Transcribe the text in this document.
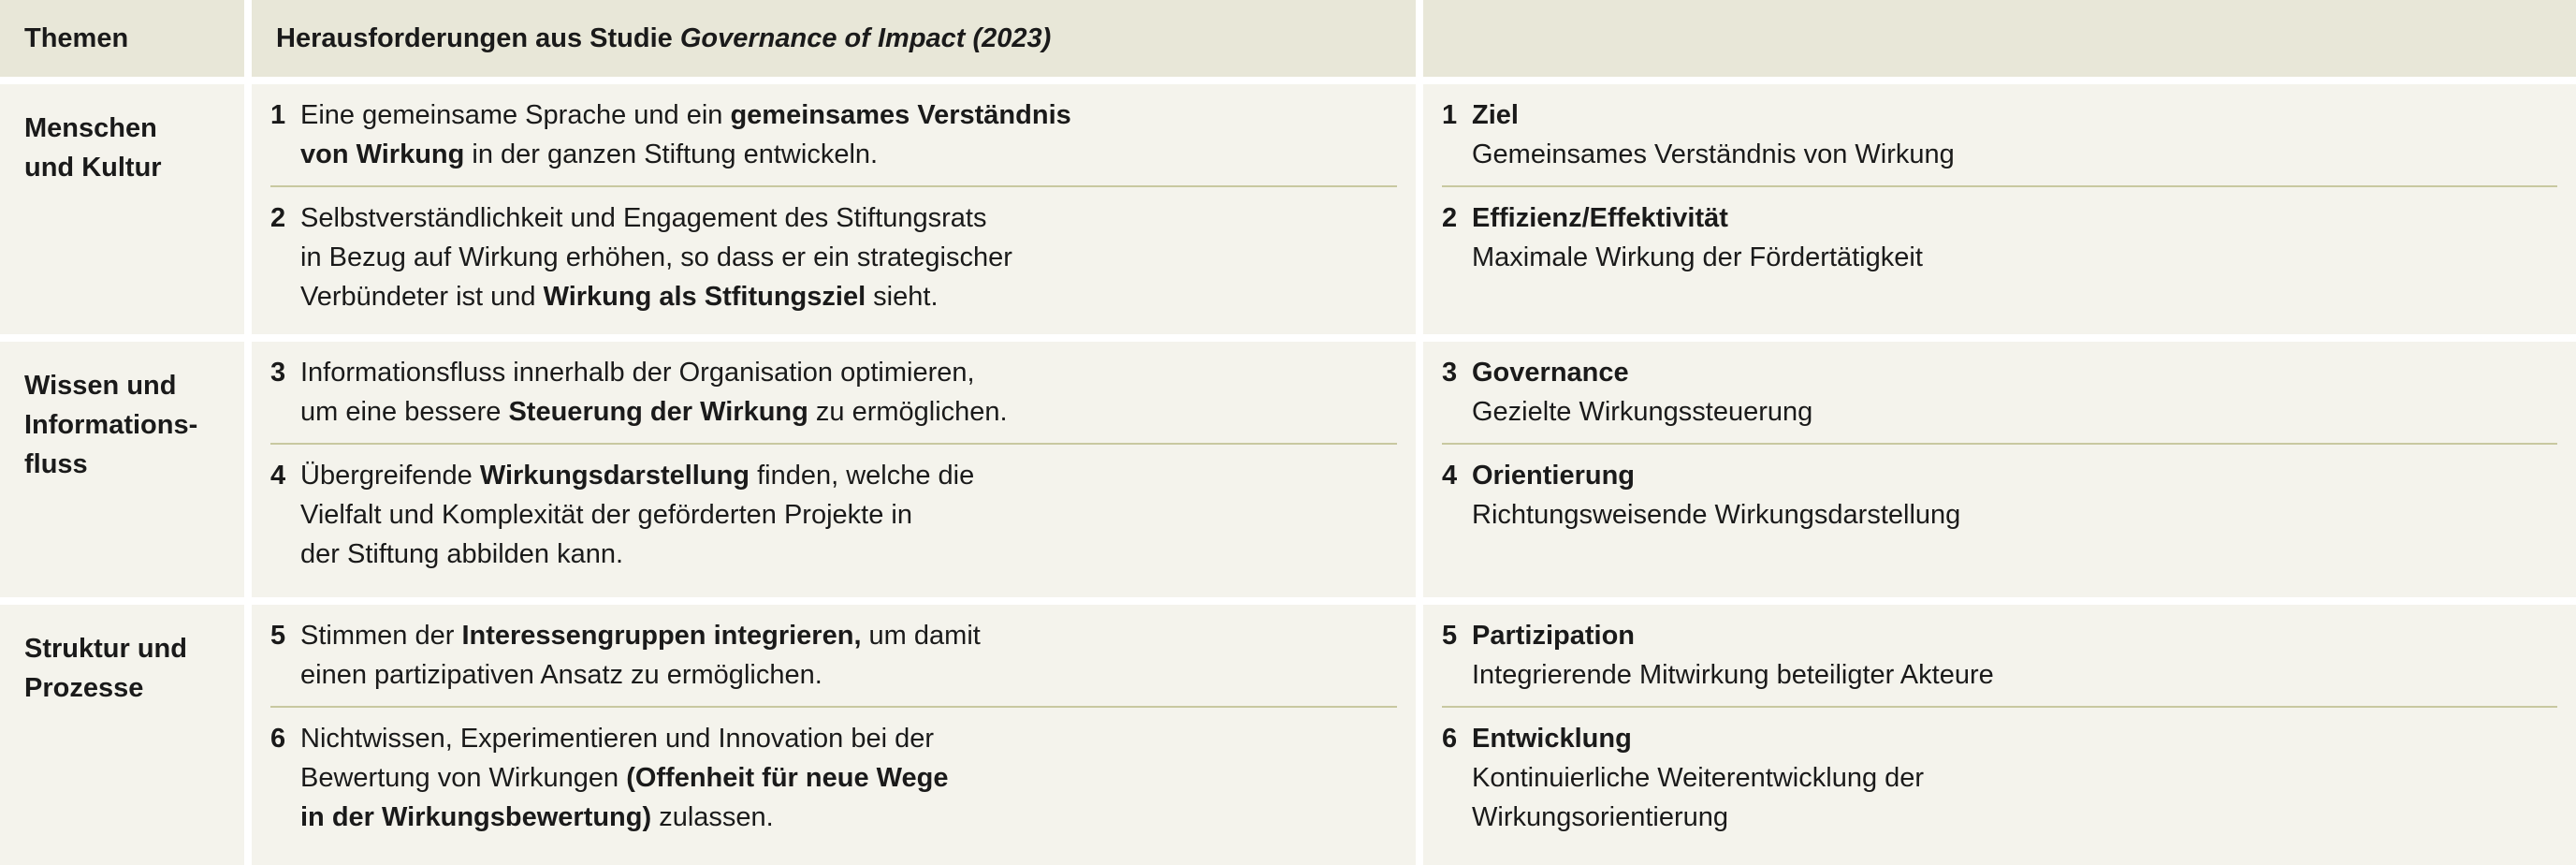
Themen	Herausforderungen aus Studie Governance of Impact (2023)
Menschen
und Kultur
1 Eine gemeinsame Sprache und ein gemeinsames Verständnis
von Wirkung in der ganzen Stiftung entwickeln.
2 Selbstverständlichkeit und Engagement des Stiftungsrats
in Bezug auf Wirkung erhöhen, so dass er ein strategischer
Verbündeter ist und Wirkung als Stfitungsziel sieht.
1 Ziel
Gemeinsames Verständnis von Wirkung
2 Effizienz/Effektivität
Maximale Wirkung der Fördertätigkeit
Wissen und
Informations-
fluss
3 Informationsfluss innerhalb der Organisation optimieren,
um eine bessere Steuerung der Wirkung zu ermöglichen.
4 Übergreifende Wirkungsdarstellung finden, welche die
Vielfalt und Komplexität der geförderten Projekte in
der Stiftung abbilden kann.
3 Governance
Gezielte Wirkungssteuerung
4 Orientierung
Richtungsweisende Wirkungsdarstellung
Struktur und
Prozesse
5 Stimmen der Interessengruppen integrieren, um damit
einen partizipativen Ansatz zu ermöglichen.
6 Nichtwissen, Experimentieren und Innovation bei der
Bewertung von Wirkungen (Offenheit für neue Wege
in der Wirkungsbewertung) zulassen.
5 Partizipation
Integrierende Mitwirkung beteiligter Akteure
6 Entwicklung
Kontinuierliche Weiterentwicklung der
Wirkungsorientierung
